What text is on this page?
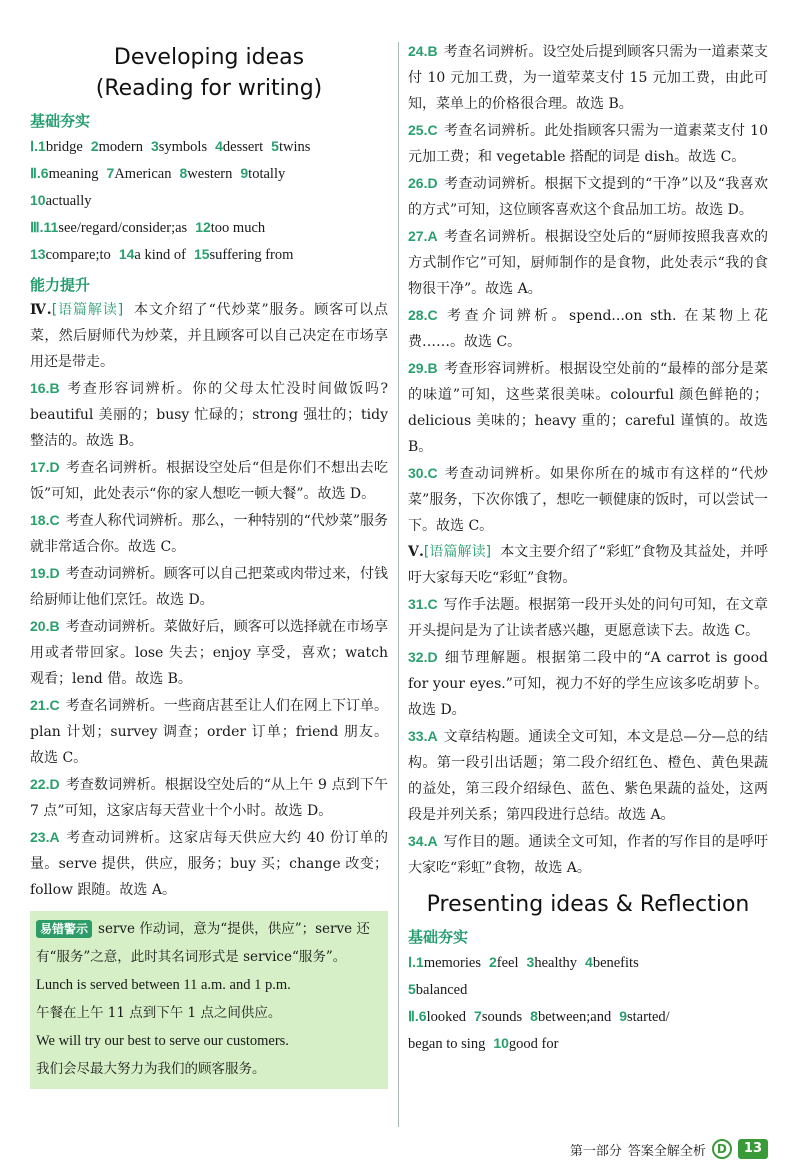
Developing ideas
(Reading for writing)
基础夯实
Ⅰ.1bridge 2modern 3symbols 4dessert 5twins
Ⅱ.6meaning 7American 8western 9totally
10actually
Ⅲ.11see/regard/consider;as 12too much
13compare;to 14a kind of 15suffering from
能力提升
Ⅳ.[语篇解读] 本文介绍了“代炒菜”服务。顾客可以点菜，然后厨师代为炒菜，并且顾客可以自己决定在市场享用还是带走。
16.B 考查形容词辨析。你的父母太忙没时间做饭吗? beautiful 美丽的；busy 忙碌的；strong 强壮的；tidy 整洁的。故选 B。
17.D 考查名词辨析。根据设空处后“但是你们不想出去吃饭”可知，此处表示“你的家人想吃一顿大餐”。故选 D。
18.C 考查人称代词辨析。那么，一种特别的“代炒菜”服务就非常适合你。故选 C。
19.D 考查动词辨析。顾客可以自己把菜或肉带过来，付钱给厨师让他们烹饪。故选 D。
20.B 考查动词辨析。菜做好后，顾客可以选择就在市场享用或者带回家。lose 失去；enjoy 享受，喜欢；watch 观看；lend 借。故选 B。
21.C 考查名词辨析。一些商店甚至让人们在网上下订单。plan 计划；survey 调查；order 订单；friend 朋友。故选 C。
22.D 考查数词辨析。根据设空处后的“从上午 9 点到下午 7 点”可知，这家店每天营业十个小时。故选 D。
23.A 考查动词辨析。这家店每天供应大约 40 份订单的量。serve 提供，供应，服务；buy 买；change 改变；follow 跟随。故选 A。
易错警示 serve 作动词，意为“提供，供应”；serve 还有“服务”之意，此时其名词形式是 service“服务”。
Lunch is served between 11 a.m. and 1 p.m.
午餐在上午 11 点到下午 1 点之间供应。
We will try our best to serve our customers.
我们会尽最大努力为我们的顾客服务。
24.B 考查名词辨析。设空处后提到顾客只需为一道素菜支付 10 元加工费，为一道荤菜支付 15 元加工费，由此可知，菜单上的价格很合理。故选 B。
25.C 考查名词辨析。此处指顾客只需为一道素菜支付 10 元加工费；和 vegetable 搭配的词是 dish。故选 C。
26.D 考查动词辨析。根据下文提到的“干净”以及“我喜欢的方式”可知，这位顾客喜欢这个食品加工坊。故选 D。
27.A 考查名词辨析。根据设空处后的“厨师按照我喜欢的方式制作它”可知，厨师制作的是食物，此处表示“我的食物很干净”。故选 A。
28.C 考查介词辨析。spend...on sth. 在某物上花费……。故选 C。
29.B 考查形容词辨析。根据设空处前的“最棒的部分是菜的味道”可知，这些菜很美味。colourful 颜色鲜艳的；delicious 美味的；heavy 重的；careful 谨慎的。故选 B。
30.C 考查动词辨析。如果你所在的城市有这样的“代炒菜”服务，下次你饿了，想吃一顿健康的饭时，可以尝试一下。故选 C。
Ⅴ.[语篇解读] 本文主要介绍了“彩虹”食物及其益处，并呼吁大家每天吃“彩虹”食物。
31.C 写作手法题。根据第一段开头处的问句可知，在文章开头提问是为了让读者感兴趣，更愿意读下去。故选 C。
32.D 细节理解题。根据第二段中的“A carrot is good for your eyes.”可知，视力不好的学生应该多吃胡萝卜。故选 D。
33.A 文章结构题。通读全文可知，本文是总—分—总的结构。第一段引出话题；第二段介绍红色、橙色、黄色果蔬的益处，第三段介绍绿色、蓝色、紫色果蔬的益处，这两段是并列关系；第四段进行总结。故选 A。
34.A 写作目的题。通读全文可知，作者的写作目的是呼吁大家吃“彩虹”食物，故选 A。
Presenting ideas & Reflection
基础夯实
Ⅰ.1memories 2feel 3healthy 4benefits
5balanced
Ⅱ.6looked 7sounds 8between;and 9started/
began to sing 10good for
第一部分 答案全解全析 D	13
